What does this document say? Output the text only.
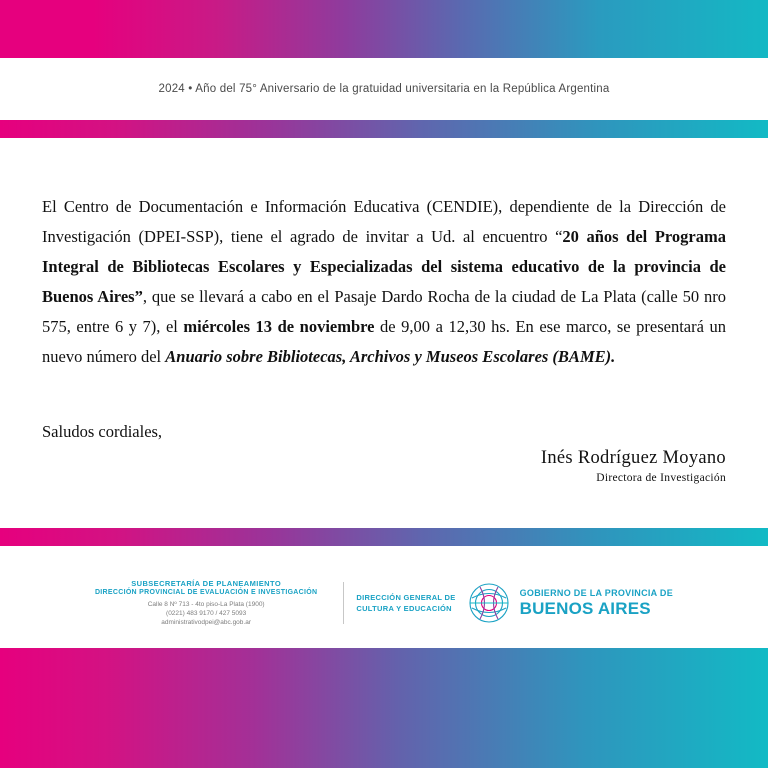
2024 • Año del 75° Aniversario de la gratuidad universitaria en la República Argentina

El Centro de Documentación e Información Educativa (CENDIE), dependiente de la Dirección de Investigación (DPEI-SSP), tiene el agrado de invitar a Ud. al encuentro “20 años del Programa Integral de Bibliotecas Escolares y Especializadas del sistema educativo de la provincia de Buenos Aires”, que se llevará a cabo en el Pasaje Dardo Rocha de la ciudad de La Plata (calle 50 nro 575, entre 6 y 7), el miércoles 13 de noviembre de 9,00 a 12,30 hs. En ese marco, se presentará un nuevo número del Anuario sobre Bibliotecas, Archivos y Museos Escolares (BAME).

Saludos cordiales,
Inés Rodríguez Moyano
Directora de Investigación
SUBSECRETARÍA DE PLANEAMIENTO
DIRECCIÓN PROVINCIAL DE EVALUACIÓN E INVESTIGACIÓN
Calle 8 Nº 713 - 4to piso-La Plata (1900)
(0221) 483 9170 / 427 5093
administrativodpei@abc.gob.ar
DIRECCIÓN GENERAL DE
CULTURA Y EDUCACIÓN
GOBIERNO DE LA PROVINCIA DE
BUENOS AIRES
